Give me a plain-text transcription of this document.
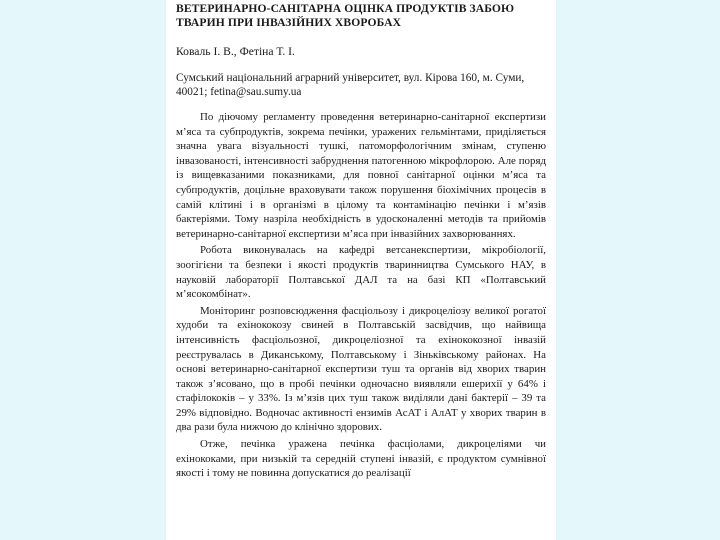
ВЕТЕРИНАРНО-САНІТАРНА ОЦІНКА ПРОДУКТІВ ЗАБОЮ ТВАРИН ПРИ ІНВАЗІЙНИХ ХВОРОБАХ

Коваль І. В., Фетіна Т. І.

Сумський національний аграрний університет, вул. Кірова 160, м. Суми, 40021; fetina@sau.sumy.ua

По діючому регламенту проведення ветеринарно-санітарної експертизи м’яса та субпродуктів, зокрема печінки, уражених гельмінтами, приділяється значна увага візуальності тушкі, патоморфологічним змінам, ступеню інвазованості, інтенсивності забруднення патогенною мікрофлорою. Але поряд із вищевказаними показниками, для повної санітарної оцінки м’яса та субпродуктів, доцільне враховувати також порушення біохімічних процесів в самій клітині і в організмі в цілому та контамінацію печінки і м’язів бактеріями. Тому назріла необхідність в удосконаленні методів та прийомів ветеринарно-санітарної експертизи м’яса при інвазійних захворюваннях.

Робота виконувалась на кафедрі ветсанекспертизи, мікробіології, зоогігієни та безпеки і якості продуктів тваринництва Сумського НАУ, в науковій лабораторії Полтавської ДАЛ та на базі КП «Полтавський м’ясокомбінат».

Моніторинг розповсюдження фасціольозу і дикроцеліозу великої рогатої худоби та ехінококозу свиней в Полтавській засвідчив, що найвища інтенсивність фасціольозної, дикроцеліозної та ехінококозної інвазій реєструвалась в Диканському, Полтавському і Зіньківському районах. На основі ветеринарно-санітарної експертизи туш та органів від хворих тварин також з’ясовано, що в пробі печінки одночасно виявляли ешерихії у 64% і стафілококів – у 33%. Із м’язів цих туш також виділяли дані бактерії – 39 та 29% відповідно. Водночас активності ензимів АсАТ і АлАТ у хворих тварин в два рази була нижчою до клінічно здорових.

Отже, печінка уражена печінка фасціолами, дикроцеліями чи ехінококами, при низькій та середній ступені інвазій, є продуктом сумнівної якості і тому не повинна допускатися до реалізації
